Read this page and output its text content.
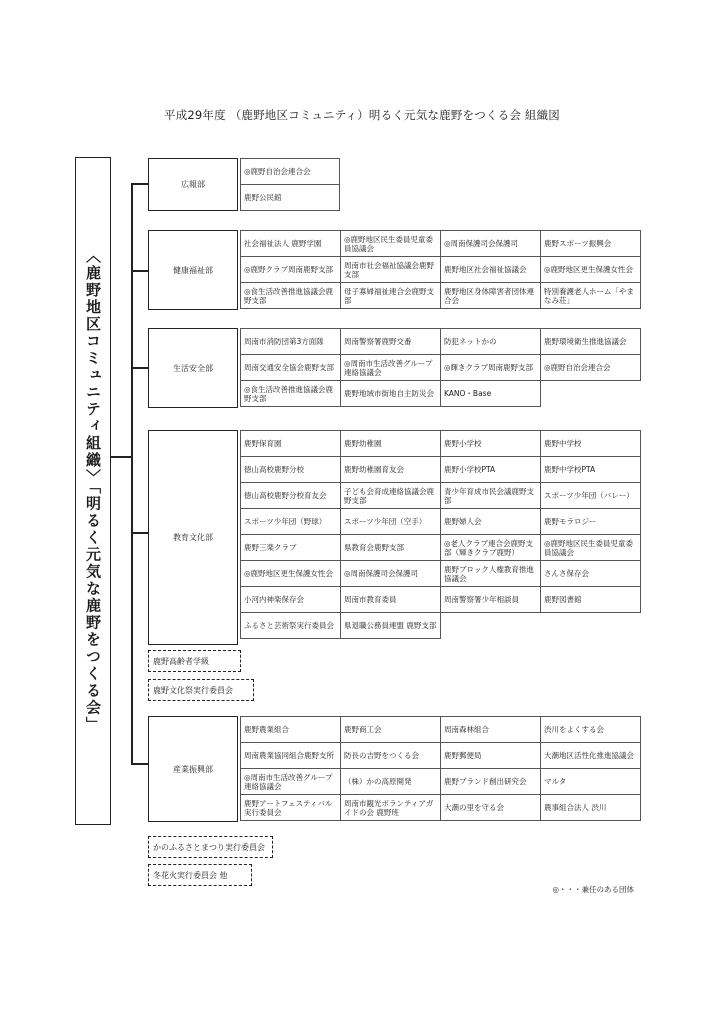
平成29年度 （鹿野地区コミュニティ）明るく元気な鹿野をつくる会 組織図
〈鹿野地区コミュニティ組織〉「明るく元気な鹿野をつくる会」
広報部
健康福祉部
生活安全部
教育文化部
産業振興部
◎鹿野自治会連合会
鹿野公民館
社会福祉法人 鹿野学園	◎鹿野地区民生委員児童委員協議会	◎周南保護司会保護司	鹿野スポーツ振興会
◎鹿野クラブ周南鹿野支部	周南市社会福祉協議会鹿野支部	鹿野地区社会福祉協議会	◎鹿野地区更生保護女性会
◎食生活改善推進協議会鹿野支部	母子寡婦福祉連合会鹿野支部	鹿野地区身体障害者団体連合会	特別養護老人ホーム「やまなみ荘」
周南市消防団第3方面隊	周南警察署鹿野交番	防犯ネットかの	鹿野環境衛生推進協議会
周南交通安全協会鹿野支部	◎周南市生活改善グループ連絡協議会	◎輝きクラブ周南鹿野支部	◎鹿野自治会連合会
◎食生活改善推進協議会鹿野支部	鹿野地域市街地自主防災会	KANO・Base	
鹿野保育園	鹿野幼稚園	鹿野小学校	鹿野中学校
徳山高校鹿野分校	鹿野幼稚園育友会	鹿野小学校PTA	鹿野中学校PTA
徳山高校鹿野分校育友会	子ども会育成連絡協議会鹿野支部	青少年育成市民会議鹿野支部	スポーツ少年団（バレー）
スポーツ少年団（野球）	スポーツ少年団（空手）	鹿野婦人会	鹿野モラロジー
鹿野三楽クラブ	県教育会鹿野支部	◎老人クラブ連合会鹿野支部（輝きクラブ鹿野）	◎鹿野地区民生委員児童委員協議会
◎鹿野地区更生保護女性会	◎周南保護司会保護司	鹿野ブロック人権教育推進協議会	さんさ保存会
小河内神楽保存会	周南市教育委員	周南警察署少年相談員	鹿野図書館
ふるさと芸術祭実行委員会	県退職公務員連盟 鹿野支部		
鹿野高齢者学級
鹿野文化祭実行委員会
鹿野農業組合	鹿野商工会	周南森林組合	渋川をよくする会
周南農業協同組合鹿野支所	防長の吉野をつくる会	鹿野郵便局	大潮地区活性化推進協議会
◎周南市生活改善グループ連絡協議会	（株）かの高原開発	鹿野ブランド創出研究会	マルタ
鹿野アートフェスティバル実行委員会	周南市観光ボランティアガイドの会 鹿野班	大潮の里を守る会	農事組合法人 渋川
かのふるさとまつり実行委員会
冬花火実行委員会 他
◎・・・兼任のある団体
